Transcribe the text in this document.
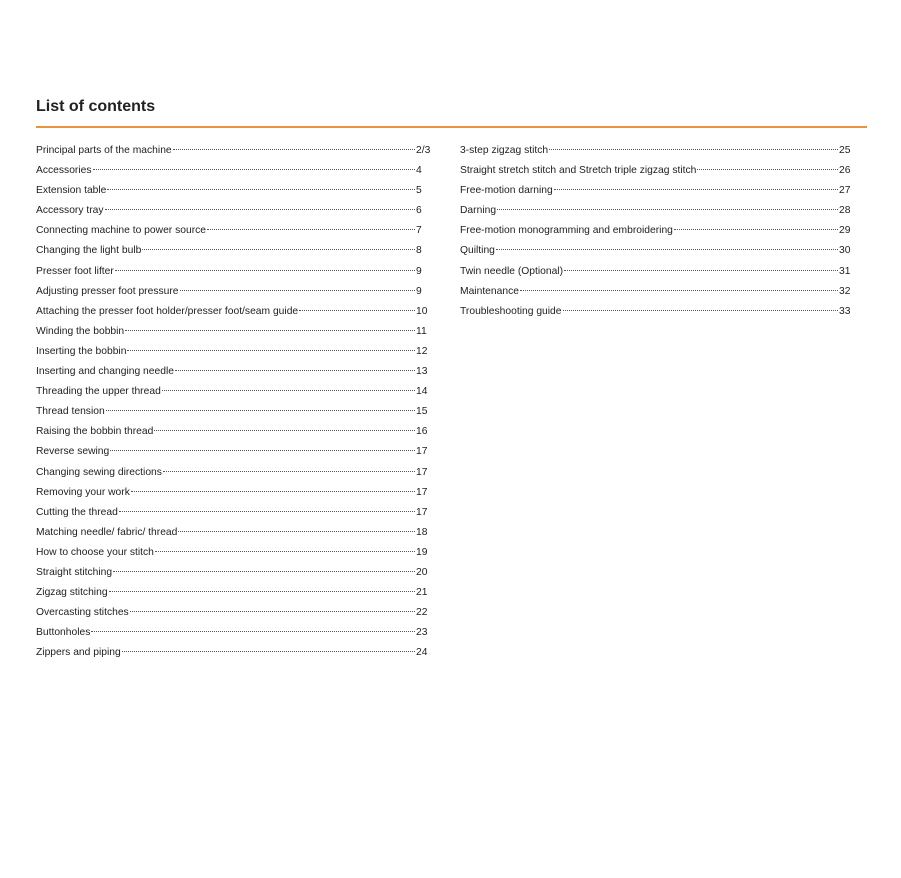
List of contents
Principal parts of the machine	2/3
Accessories	4
Extension table	5
Accessory tray	6
Connecting machine to power source	7
Changing the light bulb	8
Presser foot lifter	9
Adjusting presser foot pressure	9
Attaching the presser foot holder/presser foot/seam guide	10
Winding the bobbin	11
Inserting the bobbin	12
Inserting and changing needle	13
Threading the upper thread	14
Thread tension	15
Raising the bobbin thread	16
Reverse sewing	17
Changing sewing directions	17
Removing your work	17
Cutting the thread	17
Matching needle/ fabric/ thread	18
How to choose your stitch	19
Straight stitching	20
Zigzag stitching	21
Overcasting stitches	22
Buttonholes	23
Zippers and piping	24
3-step zigzag stitch	25
Straight stretch stitch and Stretch triple zigzag stitch	26
Free-motion darning	27
Darning	28
Free-motion monogramming and embroidering	29
Quilting	30
Twin needle (Optional)	31
Maintenance	32
Troubleshooting guide	33
